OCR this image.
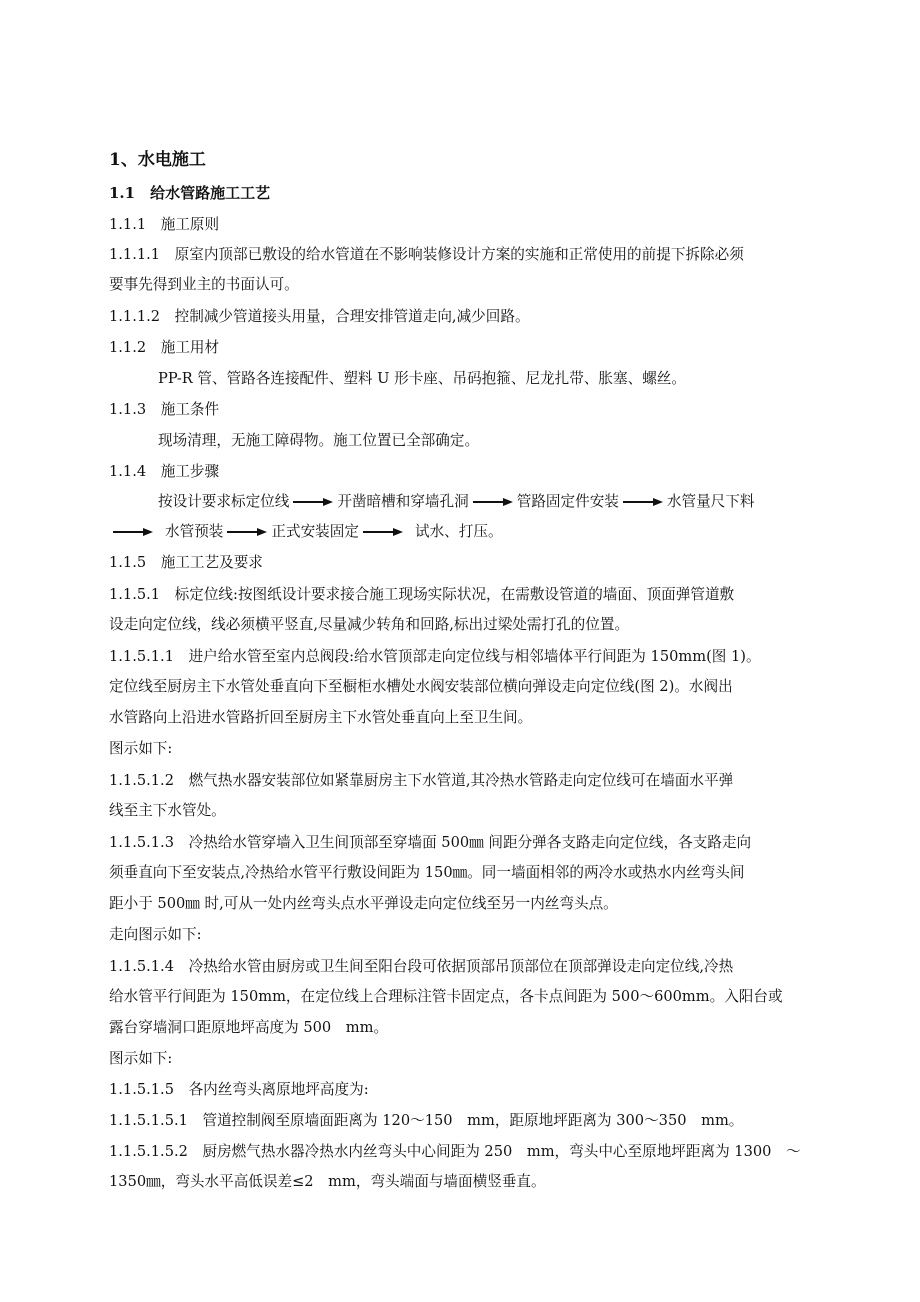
1、水电施工
1.1　给水管路施工工艺
1.1.1　施工原则
1.1.1.1　原室内顶部已敷设的给水管道在不影响装修设计方案的实施和正常使用的前提下拆除必须
要事先得到业主的书面认可。
1.1.1.2　控制减少管道接头用量，合理安排管道走向,减少回路。
1.1.2　施工用材
PP-R 管、管路各连接配件、塑料 U 形卡座、吊码抱箍、尼龙扎带、胀塞、螺丝。
1.1.3　施工条件
现场清理，无施工障碍物。施工位置已全部确定。
1.1.4　施工步骤
按设计要求标定位线	开凿暗槽和穿墙孔洞	管路固定件安装	水管量尺下料
水管预装	正式安装固定	试水、打压。
1.1.5　施工工艺及要求
1.1.5.1　标定位线:按图纸设计要求接合施工现场实际状况，在需敷设管道的墙面、顶面弹管道敷
设走向定位线，线必须横平竖直,尽量减少转角和回路,标出过梁处需打孔的位置。
1.1.5.1.1　进户给水管至室内总阀段:给水管顶部走向定位线与相邻墙体平行间距为 150mm(图 1)。
定位线至厨房主下水管处垂直向下至橱柜水槽处水阀安装部位横向弹设走向定位线(图 2)。水阀出
水管路向上沿进水管路折回至厨房主下水管处垂直向上至卫生间。
图示如下:
1.1.5.1.2　燃气热水器安装部位如紧靠厨房主下水管道,其冷热水管路走向定位线可在墙面水平弹
线至主下水管处。
1.1.5.1.3　冷热给水管穿墙入卫生间顶部至穿墙面 500㎜ 间距分弹各支路走向定位线，各支路走向
须垂直向下至安装点,冷热给水管平行敷设间距为 150㎜。同一墙面相邻的两冷水或热水内丝弯头间
距小于 500㎜ 时,可从一处内丝弯头点水平弹设走向定位线至另一内丝弯头点。
走向图示如下:
1.1.5.1.4　冷热给水管由厨房或卫生间至阳台段可依据顶部吊顶部位在顶部弹设走向定位线,冷热
给水管平行间距为 150mm，在定位线上合理标注管卡固定点，各卡点间距为 500～600mm。入阳台或
露台穿墙洞口距原地坪高度为 500　mm。
图示如下:
1.1.5.1.5　各内丝弯头离原地坪高度为:
1.1.5.1.5.1　管道控制阀至原墙面距离为 120～150　mm，距原地坪距离为 300～350　mm。
1.1.5.1.5.2　厨房燃气热水器冷热水内丝弯头中心间距为 250　mm，弯头中心至原地坪距离为 1300　～
1350㎜，弯头水平高低误差≤2　mm，弯头端面与墙面横竖垂直。
